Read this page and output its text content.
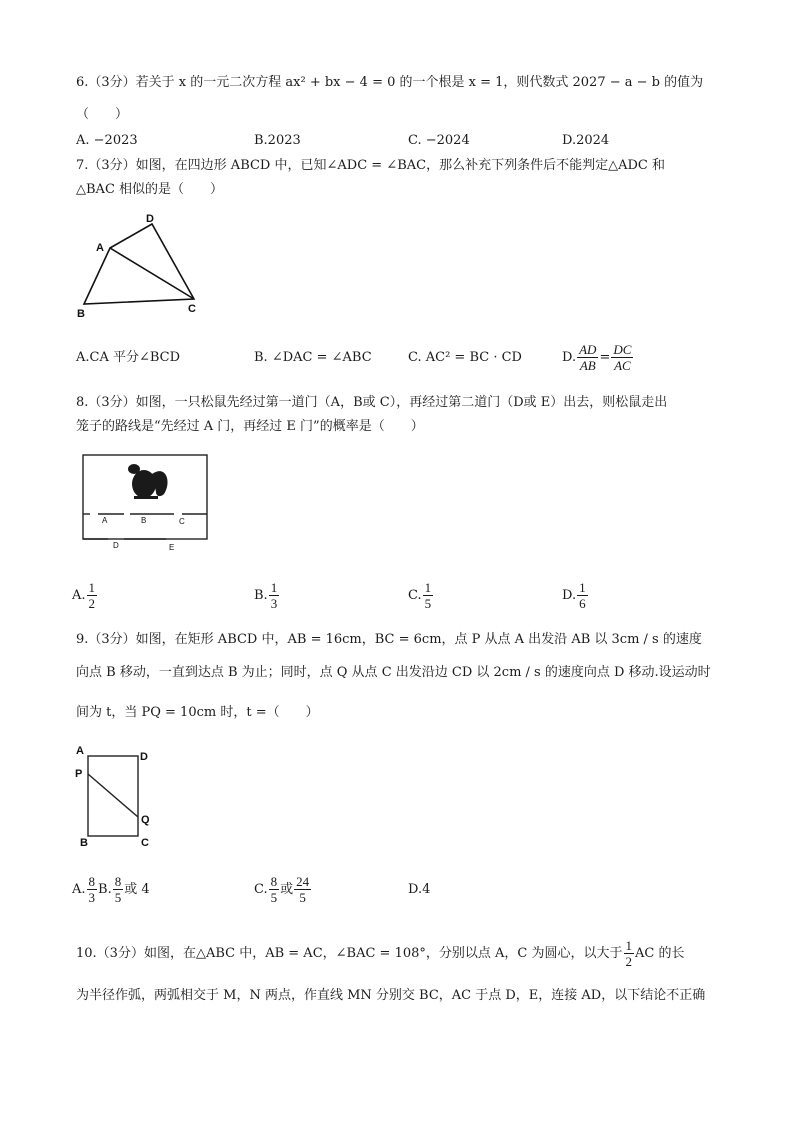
6.（3分）若关于 x 的一元二次方程 ax² + bx − 4 = 0 的一个根是 x = 1，则代数式 2027 − a − b 的值为
（　　）
A. −2023	B.2023	C. −2024	D.2024
7.（3分）如图，在四边形 ABCD 中，已知∠ADC = ∠BAC，那么补充下列条件后不能判定△ADC 和
△BAC 相似的是（　　）
D
A
B	C
A.CA 平分∠BCD	B. ∠DAC = ∠ABC	C. AC² = BC · CD	D. $\frac{AD}{AB} = \frac{DC}{AC}$
8.（3分）如图，一只松鼠先经过第一道门（A，B或 C），再经过第二道门（D或 E）出去，则松鼠走出
笼子的路线是“先经过 A 门，再经过 E 门”的概率是（　　）
A	B	C
D	E
A. $\frac{1}{2}$	B. $\frac{1}{3}$	C. $\frac{1}{5}$	D. $\frac{1}{6}$
9.（3分）如图，在矩形 ABCD 中，AB = 16cm，BC = 6cm，点 P 从点 A 出发沿 AB 以 3cm / s 的速度
向点 B 移动，一直到达点 B 为止；同时，点 Q 从点 C 出发沿边 CD 以 2cm / s 的速度向点 D 移动.设运动时
间为 t，当 PQ = 10cm 时，t =（　　）
A	D
P
Q
B	C
A. $\frac{8}{3} B$. $\frac{8}{5}$ 或 4	C. $\frac{8}{5}$ 或 $\frac{24}{5}$	D.4
10.（3分）如图，在△ABC 中，AB = AC，∠BAC = 108°，分别以点 A，C 为圆心，以大于 $\frac{1}{2}$ AC 的长
为半径作弧，两弧相交于 M，N 两点，作直线 MN 分别交 BC，AC 于点 D，E，连接 AD，以下结论不正确
